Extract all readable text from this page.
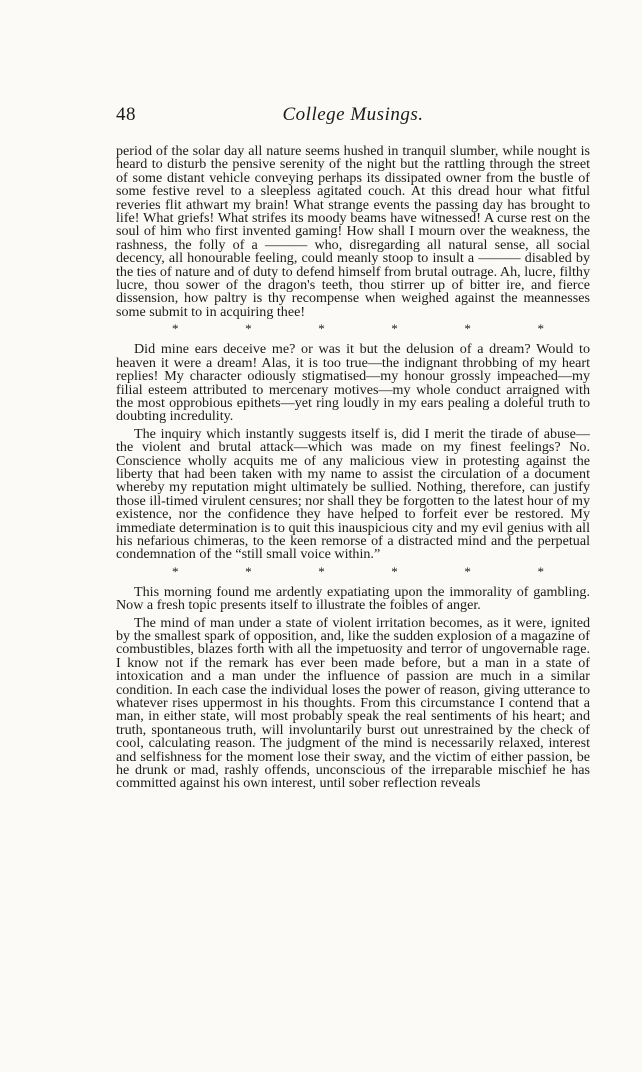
48	College Musings.

period of the solar day all nature seems hushed in tranquil slumber, while nought is heard to disturb the pensive serenity of the night but the rattling through the street of some distant vehicle conveying perhaps its dissipated owner from the bustle of some festive revel to a sleepless agitated couch. At this dread hour what fitful reveries flit athwart my brain! What strange events the passing day has brought to life! What griefs! What strifes its moody beams have witnessed! A curse rest on the soul of him who first invented gaming! How shall I mourn over the weakness, the rashness, the folly of a ——— who, disregarding all natural sense, all social decency, all honourable feeling, could meanly stoop to insult a ——— disabled by the ties of nature and of duty to defend himself from brutal outrage. Ah, lucre, filthy lucre, thou sower of the dragon's teeth, thou stirrer up of bitter ire, and fierce dissension, how paltry is thy recompense when weighed against the meannesses some submit to in acquiring thee!

*	*	*	*	*	*

Did mine ears deceive me? or was it but the delusion of a dream? Would to heaven it were a dream! Alas, it is too true—the indignant throbbing of my heart replies! My character odiously stigmatised—my honour grossly impeached—my filial esteem attributed to mercenary motives—my whole conduct arraigned with the most opprobious epithets—yet ring loudly in my ears pealing a doleful truth to doubting incredulity.

The inquiry which instantly suggests itself is, did I merit the tirade of abuse—the violent and brutal attack—which was made on my finest feelings? No. Conscience wholly acquits me of any malicious view in protesting against the liberty that had been taken with my name to assist the circulation of a document whereby my reputation might ultimately be sullied. Nothing, therefore, can justify those ill-timed virulent censures; nor shall they be forgotten to the latest hour of my existence, nor the confidence they have helped to forfeit ever be restored. My immediate determination is to quit this inauspicious city and my evil genius with all his nefarious chimeras, to the keen remorse of a distracted mind and the perpetual condemnation of the “still small voice within.”

*	*	*	*	*	*

This morning found me ardently expatiating upon the immorality of gambling. Now a fresh topic presents itself to illustrate the foibles of anger.

The mind of man under a state of violent irritation becomes, as it were, ignited by the smallest spark of opposition, and, like the sudden explosion of a magazine of combustibles, blazes forth with all the impetuosity and terror of ungovernable rage. I know not if the remark has ever been made before, but a man in a state of intoxication and a man under the influence of passion are much in a similar condition. In each case the individual loses the power of reason, giving utterance to whatever rises uppermost in his thoughts. From this circumstance I contend that a man, in either state, will most probably speak the real sentiments of his heart; and truth, spontaneous truth, will involuntarily burst out unrestrained by the check of cool, calculating reason. The judgment of the mind is necessarily relaxed, interest and selfishness for the moment lose their sway, and the victim of either passion, be he drunk or mad, rashly offends, unconscious of the irreparable mischief he has committed against his own interest, until sober reflection reveals
